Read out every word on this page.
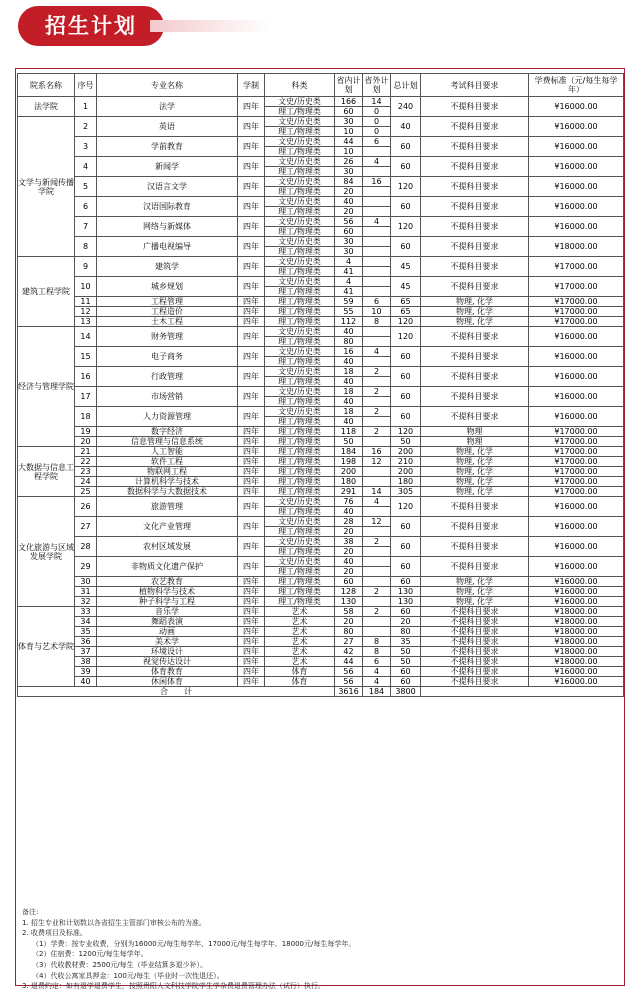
招生计划
院系名称	序号	专业名称	学制	科类	省内计划	省外计划	总计划	考试科目要求	学费标准（元/每生每学年）
法学院	1	法学	四年	文史/历史类	166	14	240	不提科目要求	¥16000.00
				理工/物理类	60	0			
文学与新闻传播学院	2	英语	四年	文史/历史类	30	0	40	不提科目要求	¥16000.00
				理工/物理类	10	0			
	3	学前教育	四年	文史/历史类	44	6	60	不提科目要求	¥16000.00
				理工/物理类	10				
	4	新闻学	四年	文史/历史类	26	4	60	不提科目要求	¥16000.00
				理工/物理类	30				
	5	汉语言文学	四年	文史/历史类	84	16	120	不提科目要求	¥16000.00
				理工/物理类	20				
	6	汉语国际教育	四年	文史/历史类	40		60	不提科目要求	¥16000.00
				理工/物理类	20				
	7	网络与新媒体	四年	文史/历史类	56	4	120	不提科目要求	¥16000.00
				理工/物理类	60				
	8	广播电视编导	四年	文史/历史类	30		60	不提科目要求	¥18000.00
				理工/物理类	30				
建筑工程学院	9	建筑学	四年	文史/历史类	4		45	不提科目要求	¥17000.00
				理工/物理类	41				
	10	城乡规划	四年	文史/历史类	4		45	不提科目要求	¥17000.00
				理工/物理类	41				
	11	工程管理	四年	理工/物理类	59	6	65	物理, 化学	¥17000.00
	12	工程造价	四年	理工/物理类	55	10	65	物理, 化学	¥17000.00
	13	土木工程	四年	理工/物理类	112	8	120	物理, 化学	¥17000.00
经济与管理学院	14	财务管理	四年	文史/历史类	40		120	不提科目要求	¥16000.00
				理工/物理类	80				
	15	电子商务	四年	文史/历史类	16	4	60	不提科目要求	¥16000.00
				理工/物理类	40				
	16	行政管理	四年	文史/历史类	18	2	60	不提科目要求	¥16000.00
				理工/物理类	40				
	17	市场营销	四年	文史/历史类	18	2	60	不提科目要求	¥16000.00
				理工/物理类	40				
	18	人力资源管理	四年	文史/历史类	18	2	60	不提科目要求	¥16000.00
				理工/物理类	40				
	19	数字经济	四年	理工/物理类	118	2	120	物理	¥17000.00
	20	信息管理与信息系统	四年	理工/物理类	50		50	物理	¥17000.00
大数据与信息工程学院	21	人工智能	四年	理工/物理类	184	16	200	物理, 化学	¥17000.00
	22	软件工程	四年	理工/物理类	198	12	210	物理, 化学	¥17000.00
	23	物联网工程	四年	理工/物理类	200		200	物理, 化学	¥17000.00
	24	计算机科学与技术	四年	理工/物理类	180		180	物理, 化学	¥17000.00
	25	数据科学与大数据技术	四年	理工/物理类	291	14	305	物理, 化学	¥17000.00
文化旅游与区域发展学院	26	旅游管理	四年	文史/历史类	76	4	120	不提科目要求	¥16000.00
				理工/物理类	40				
	27	文化产业管理	四年	文史/历史类	28	12	60	不提科目要求	¥16000.00
				理工/物理类	20				
	28	农村区域发展	四年	文史/历史类	38	2	60	不提科目要求	¥16000.00
				理工/物理类	20				
	29	非物质文化遗产保护	四年	文史/历史类	40		60	不提科目要求	¥16000.00
				理工/物理类	20				
	30	农艺教育	四年	理工/物理类	60		60	物理, 化学	¥16000.00
	31	植物科学与技术	四年	理工/物理类	128	2	130	物理, 化学	¥16000.00
	32	种子科学与工程	四年	理工/物理类	130		130	物理, 化学	¥16000.00
体育与艺术学院	33	音乐学	四年	艺术	58	2	60	不提科目要求	¥18000.00
	34	舞蹈表演	四年	艺术	20		20	不提科目要求	¥18000.00
	35	动画	四年	艺术	80		80	不提科目要求	¥18000.00
	36	美术学	四年	艺术	27	8	35	不提科目要求	¥18000.00
	37	环境设计	四年	艺术	42	8	50	不提科目要求	¥18000.00
	38	视觉传达设计	四年	艺术	44	6	50	不提科目要求	¥18000.00
	39	体育教育	四年	体育	56	4	60	不提科目要求	¥16000.00
	40	休闲体育	四年	体育	56	4	60	不提科目要求	¥16000.00
合　　计					3616	184	3800		
备注:
1. 招生专业和计划数以各省招生主管部门审核公布的为准。
2. 收费项目及标准。
（1）学费：按专业收费，分别为16000元/每生每学年、17000元/每生每学年、18000元/每生每学年。
（2）住宿费：1200元/每生每学年。
（3）代收教材费：2500元/每生（毕业结算多退少补）。
（4）代收公寓家具押金：100元/每生（毕业时一次性退还）。
3. 退费约定：如有退学退费学生，按照贵阳人文科技学院学生学杂费退费管理办法（试行）执行。
